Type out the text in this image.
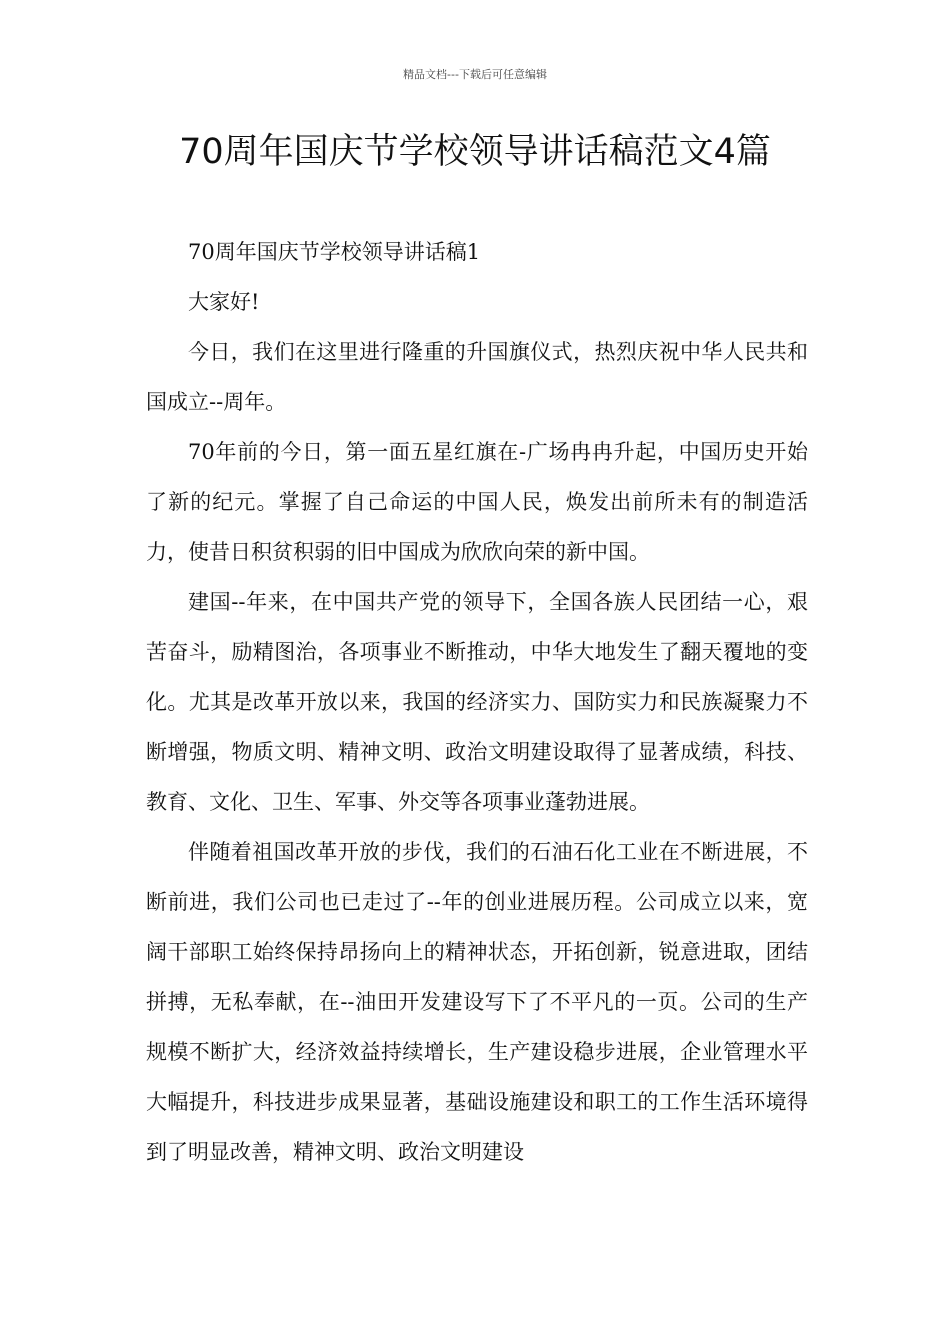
精品文档---下载后可任意编辑
70周年国庆节学校领导讲话稿范文4篇

70周年国庆节学校领导讲话稿1

大家好!

今日，我们在这里进行隆重的升国旗仪式，热烈庆祝中华人民共和国成立--周年。

70年前的今日，第一面五星红旗在-广场冉冉升起，中国历史开始了新的纪元。掌握了自己命运的中国人民，焕发出前所未有的制造活力，使昔日积贫积弱的旧中国成为欣欣向荣的新中国。

建国--年来，在中国共产党的领导下，全国各族人民团结一心，艰苦奋斗，励精图治，各项事业不断推动，中华大地发生了翻天覆地的变化。尤其是改革开放以来，我国的经济实力、国防实力和民族凝聚力不断增强，物质文明、精神文明、政治文明建设取得了显著成绩，科技、教育、文化、卫生、军事、外交等各项事业蓬勃进展。

伴随着祖国改革开放的步伐，我们的石油石化工业在不断进展，不断前进，我们公司也已走过了--年的创业进展历程。公司成立以来，宽阔干部职工始终保持昂扬向上的精神状态，开拓创新，锐意进取，团结拼搏，无私奉献，在--油田开发建设写下了不平凡的一页。公司的生产规模不断扩大，经济效益持续增长，生产建设稳步进展，企业管理水平大幅提升，科技进步成果显著，基础设施建设和职工的工作生活环境得到了明显改善，精神文明、政治文明建设
